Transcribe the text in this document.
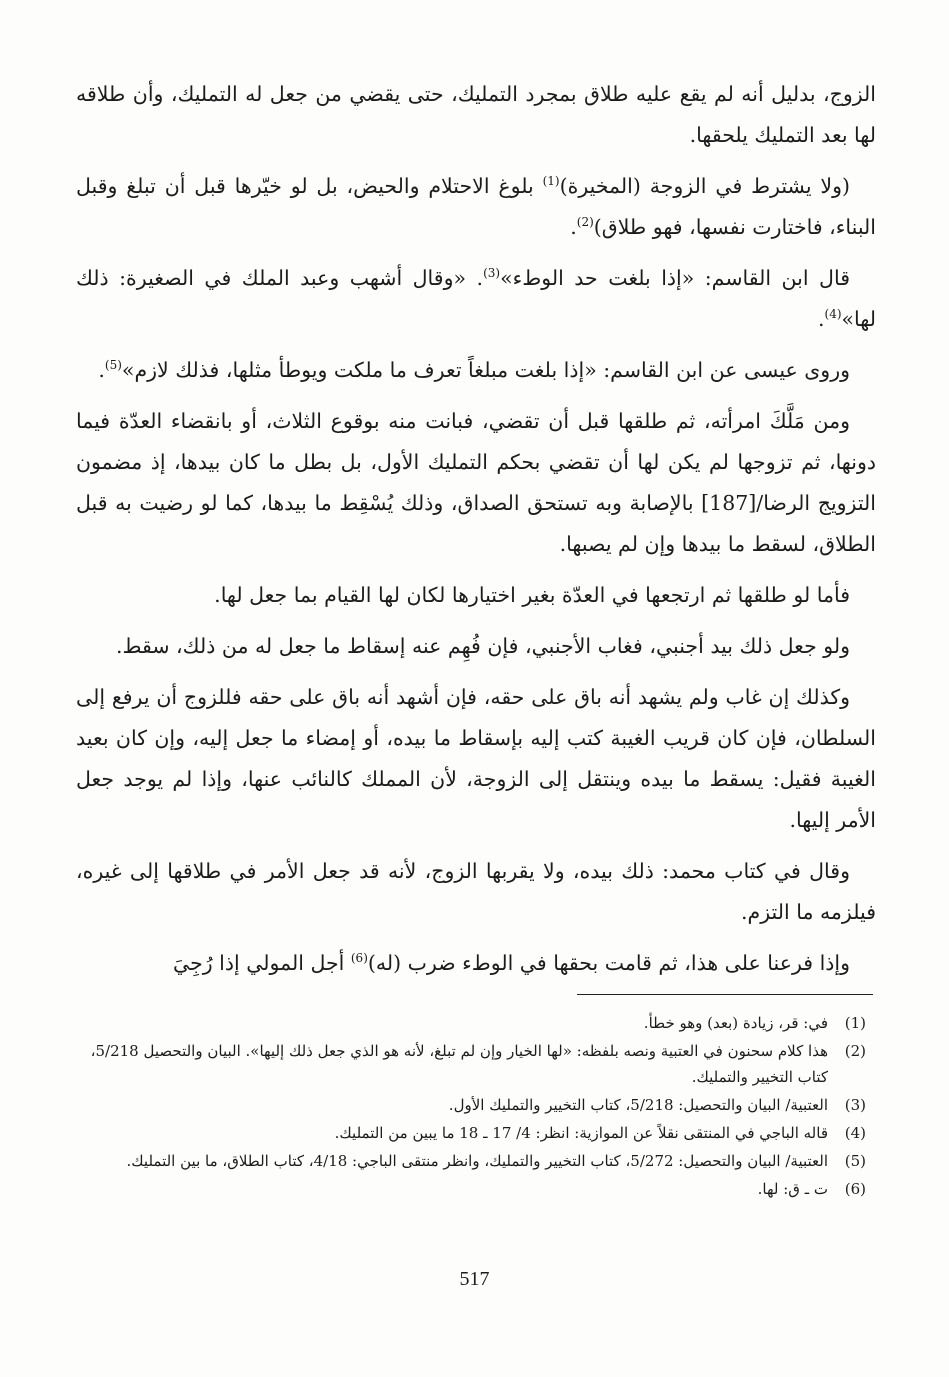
الزوج، بدليل أنه لم يقع عليه طلاق بمجرد التمليك، حتى يقضي من جعل له التمليك، وأن طلاقه لها بعد التمليك يلحقها.

(ولا يشترط في الزوجة (المخيرة)$^{(1)}$ بلوغ الاحتلام والحيض، بل لو خيّرها قبل أن تبلغ وقبل البناء، فاختارت نفسها، فهو طلاق)$^{(2)}$.

قال ابن القاسم: «إذا بلغت حد الوطء»$^{(3)}$. «وقال أشهب وعبد الملك في الصغيرة: ذلك لها»$^{(4)}$.

وروى عيسى عن ابن القاسم: «إذا بلغت مبلغاً تعرف ما ملكت ويوطأ مثلها، فذلك لازم»$^{(5)}$.

ومن مَلَّكَ امرأته، ثم طلقها قبل أن تقضي، فبانت منه بوقوع الثلاث، أو بانقضاء العدّة فيما دونها، ثم تزوجها لم يكن لها أن تقضي بحكم التمليك الأول، بل بطل ما كان بيدها، إذ مضمون التزويج الرضا/[187] بالإصابة وبه تستحق الصداق، وذلك يُسْقِط ما بيدها، كما لو رضيت به قبل الطلاق، لسقط ما بيدها وإن لم يصبها.

فأما لو طلقها ثم ارتجعها في العدّة بغير اختيارها لكان لها القيام بما جعل لها.

ولو جعل ذلك بيد أجنبي، فغاب الأجنبي، فإن فُهِم عنه إسقاط ما جعل له من ذلك، سقط.

وكذلك إن غاب ولم يشهد أنه باق على حقه، فإن أشهد أنه باق على حقه فللزوج أن يرفع إلى السلطان، فإن كان قريب الغيبة كتب إليه بإسقاط ما بيده، أو إمضاء ما جعل إليه، وإن كان بعيد الغيبة فقيل: يسقط ما بيده وينتقل إلى الزوجة، لأن المملك كالنائب عنها، وإذا لم يوجد جعل الأمر إليها.

وقال في كتاب محمد: ذلك بيده، ولا يقربها الزوج، لأنه قد جعل الأمر في طلاقها إلى غيره، فيلزمه ما التزم.

وإذا فرعنا على هذا، ثم قامت بحقها في الوطء ضرب (له)$^{(6)}$ أجل المولي إذا رُجِيَ

(1)
في: قر، زيادة (بعد) وهو خطأ.
(2)
هذا كلام سحنون في العتبية ونصه بلفظه: «لها الخيار وإن لم تبلغ، لأنه هو الذي جعل ذلك إليها». البيان والتحصيل 5/218، كتاب التخيير والتمليك.
(3)
العتبية/ البيان والتحصيل: 5/218، كتاب التخيير والتمليك الأول.
(4)
قاله الباجي في المنتقى نقلاً عن الموازية: انظر: 4/ 17 ـ 18 ما يبين من التمليك.
(5)
العتبية/ البيان والتحصيل: 5/272، كتاب التخيير والتمليك، وانظر منتقى الباجي: 4/18، كتاب الطلاق، ما بين التمليك.
(6)
ت ـ ق: لها.
517
